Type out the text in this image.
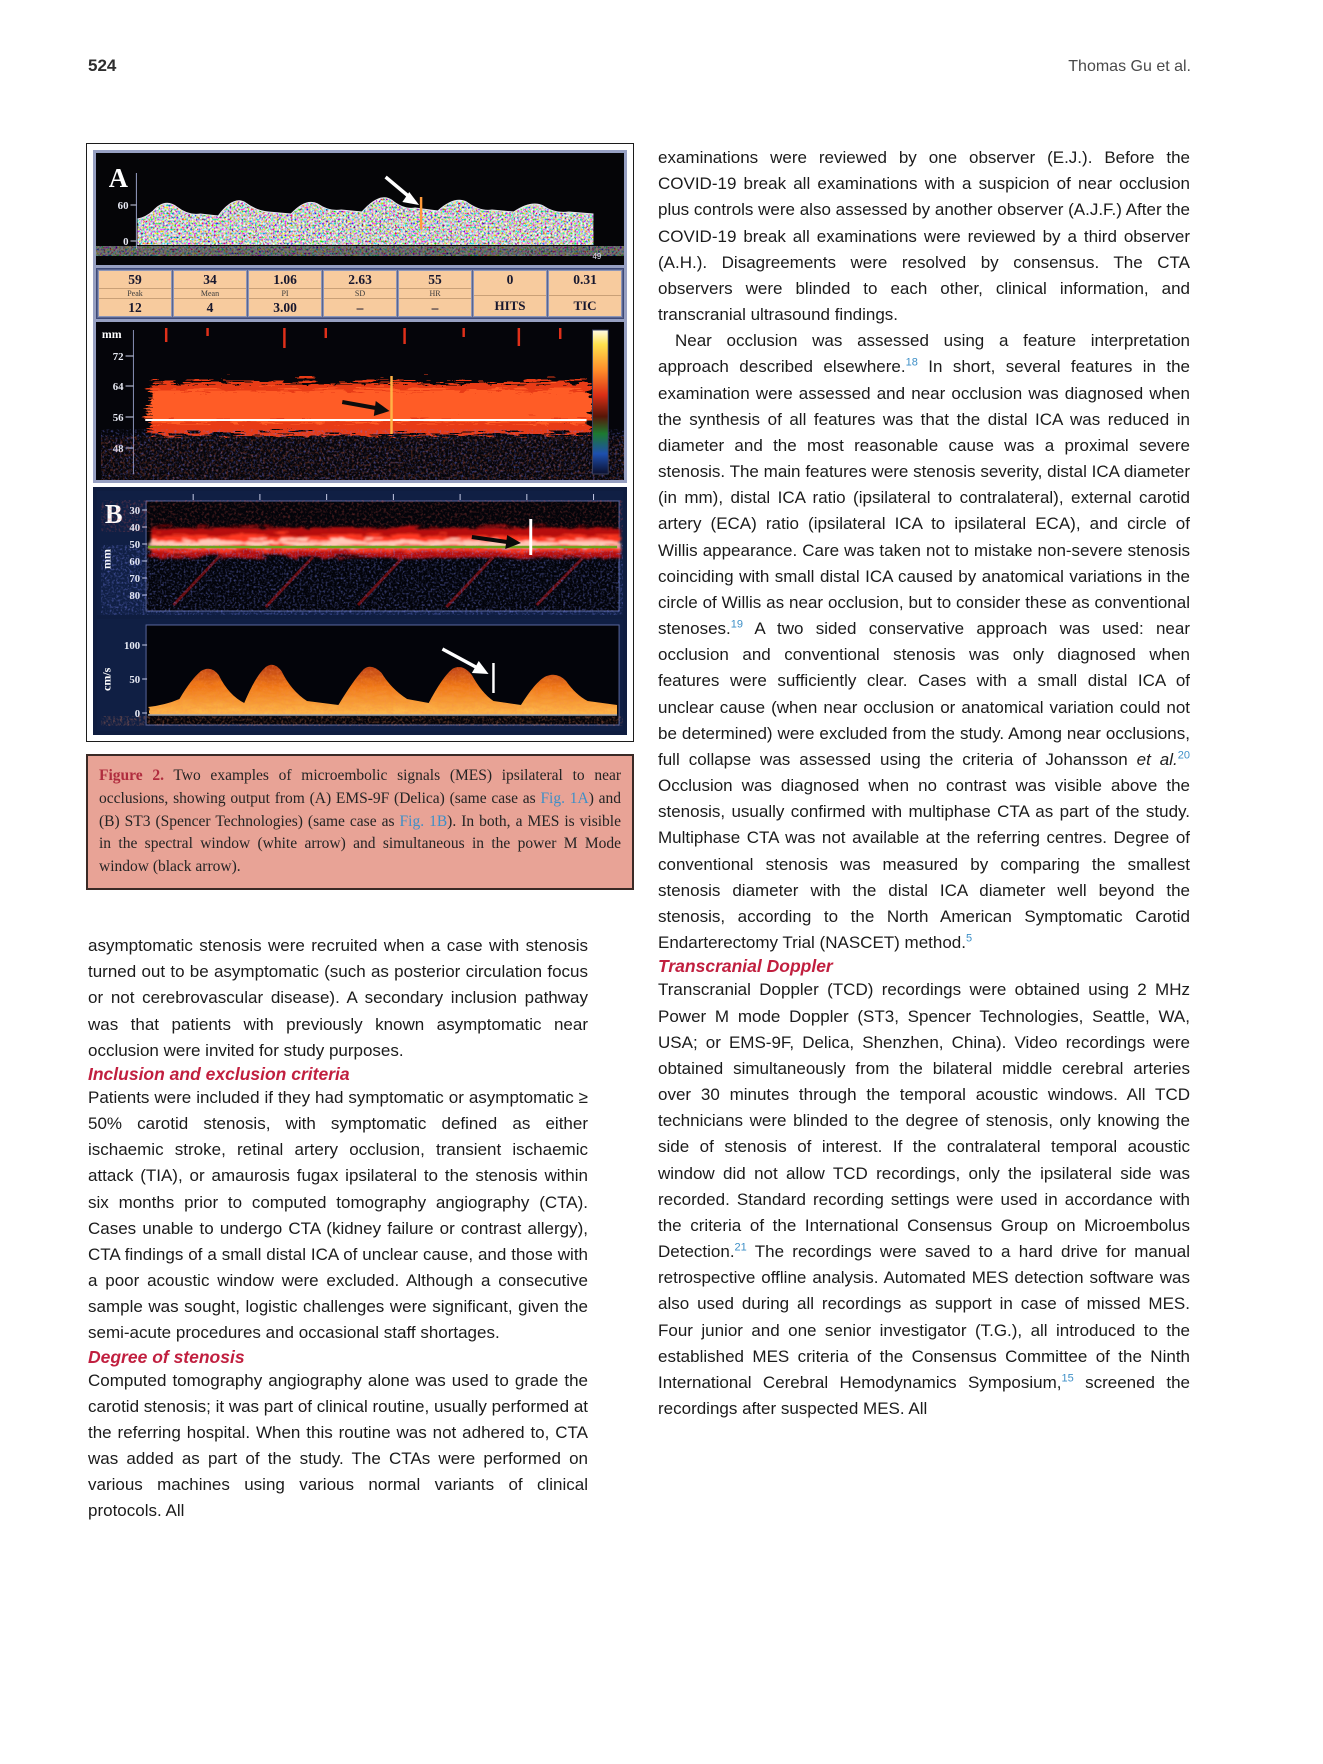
524	Thomas Gu et al.
A
60
0
49
59
Peak
12
34
Mean
4
1.06
PI
3.00
2.63
SD
–
55
HR
–
0
HITS
0.31
TIC
mm
72
64
56
48
B
mm
30
40
50
60
70
80
cm/s
100
50
0
Figure 2. Two examples of microembolic signals (MES) ipsilateral to near occlusions, showing output from (A) EMS-9F (Delica) (same case as Fig. 1A) and (B) ST3 (Spencer Technologies) (same case as Fig. 1B). In both, a MES is visible in the spectral window (white arrow) and simultaneous in the power M Mode window (black arrow).

asymptomatic stenosis were recruited when a case with stenosis turned out to be asymptomatic (such as posterior circulation focus or not cerebrovascular disease). A secondary inclusion pathway was that patients with previously known asymptomatic near occlusion were invited for study purposes.

Inclusion and exclusion criteria

Patients were included if they had symptomatic or asymptomatic ≥ 50% carotid stenosis, with symptomatic defined as either ischaemic stroke, retinal artery occlusion, transient ischaemic attack (TIA), or amaurosis fugax ipsilateral to the stenosis within six months prior to computed tomography angiography (CTA). Cases unable to undergo CTA (kidney failure or contrast allergy), CTA findings of a small distal ICA of unclear cause, and those with a poor acoustic window were excluded. Although a consecutive sample was sought, logistic challenges were significant, given the semi-acute procedures and occasional staff shortages.

Degree of stenosis

Computed tomography angiography alone was used to grade the carotid stenosis; it was part of clinical routine, usually performed at the referring hospital. When this routine was not adhered to, CTA was added as part of the study. The CTAs were performed on various machines using various normal variants of clinical protocols. All

examinations were reviewed by one observer (E.J.). Before the COVID-19 break all examinations with a suspicion of near occlusion plus controls were also assessed by another observer (A.J.F.) After the COVID-19 break all examinations were reviewed by a third observer (A.H.). Disagreements were resolved by consensus. The CTA observers were blinded to each other, clinical information, and transcranial ultrasound findings.

Near occlusion was assessed using a feature interpretation approach described elsewhere.$^{18}$ In short, several features in the examination were assessed and near occlusion was diagnosed when the synthesis of all features was that the distal ICA was reduced in diameter and the most reasonable cause was a proximal severe stenosis. The main features were stenosis severity, distal ICA diameter (in mm), distal ICA ratio (ipsilateral to contralateral), external carotid artery (ECA) ratio (ipsilateral ICA to ipsilateral ECA), and circle of Willis appearance. Care was taken not to mistake non-severe stenosis coinciding with small distal ICA caused by anatomical variations in the circle of Willis as near occlusion, but to consider these as conventional stenoses.$^{19}$ A two sided conservative approach was used: near occlusion and conventional stenosis was only diagnosed when features were sufficiently clear. Cases with a small distal ICA of unclear cause (when near occlusion or anatomical variation could not be determined) were excluded from the study. Among near occlusions, full collapse was assessed using the criteria of Johansson et al.$^{20}$ Occlusion was diagnosed when no contrast was visible above the stenosis, usually confirmed with multiphase CTA as part of the study. Multiphase CTA was not available at the referring centres. Degree of conventional stenosis was measured by comparing the smallest stenosis diameter with the distal ICA diameter well beyond the stenosis, according to the North American Symptomatic Carotid Endarterectomy Trial (NASCET) method.$^5$

Transcranial Doppler

Transcranial Doppler (TCD) recordings were obtained using 2 MHz Power M mode Doppler (ST3, Spencer Technologies, Seattle, WA, USA; or EMS-9F, Delica, Shenzhen, China). Video recordings were obtained simultaneously from the bilateral middle cerebral arteries over 30 minutes through the temporal acoustic windows. All TCD technicians were blinded to the degree of stenosis, only knowing the side of stenosis of interest. If the contralateral temporal acoustic window did not allow TCD recordings, only the ipsilateral side was recorded. Standard recording settings were used in accordance with the criteria of the International Consensus Group on Microembolus Detection.$^{21}$ The recordings were saved to a hard drive for manual retrospective offline analysis. Automated MES detection software was also used during all recordings as support in case of missed MES. Four junior and one senior investigator (T.G.), all introduced to the established MES criteria of the Consensus Committee of the Ninth International Cerebral Hemodynamics Symposium,$^{15}$ screened the recordings after suspected MES. All
